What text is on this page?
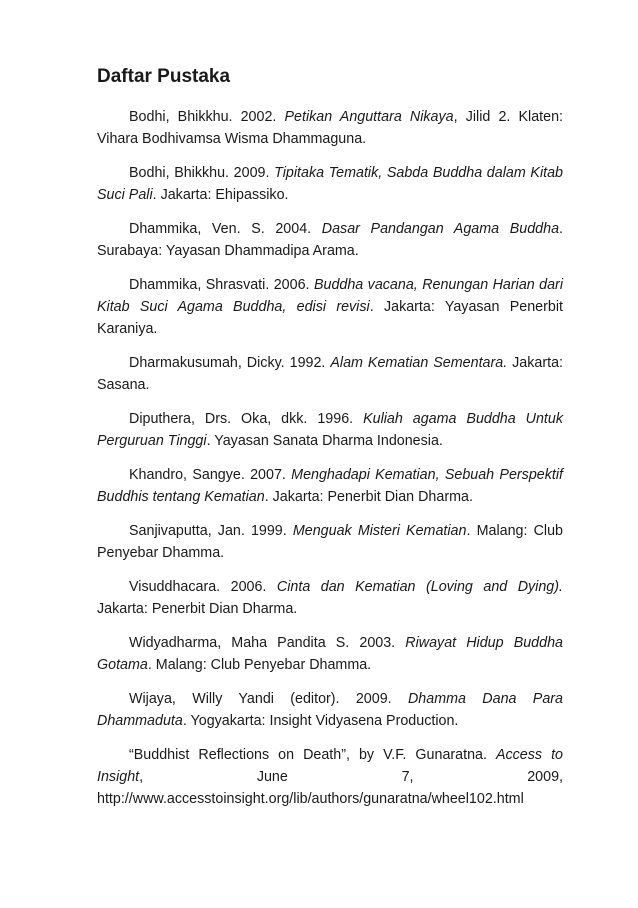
Daftar Pustaka

Bodhi, Bhikkhu. 2002. Petikan Anguttara Nikaya, Jilid 2. Klaten: Vihara Bodhivamsa Wisma Dhammaguna.

Bodhi, Bhikkhu. 2009. Tipitaka Tematik, Sabda Buddha dalam Kitab Suci Pali. Jakarta: Ehipassiko.

Dhammika, Ven. S. 2004. Dasar Pandangan Agama Buddha. Surabaya: Yayasan Dhammadipa Arama.

Dhammika, Shrasvati. 2006. Buddha vacana, Renungan Harian dari Kitab Suci Agama Buddha, edisi revisi. Jakarta: Yayasan Penerbit Karaniya.

Dharmakusumah, Dicky. 1992. Alam Kematian Sementara. Jakarta: Sasana.

Diputhera, Drs. Oka, dkk. 1996. Kuliah agama Buddha Untuk Perguruan Tinggi. Yayasan Sanata Dharma Indonesia.

Khandro, Sangye. 2007. Menghadapi Kematian, Sebuah Perspektif Buddhis tentang Kematian. Jakarta: Penerbit Dian Dharma.

Sanjivaputta, Jan. 1999. Menguak Misteri Kematian. Malang: Club Penyebar Dhamma.

Visuddhacara. 2006. Cinta dan Kematian (Loving and Dying). Jakarta: Penerbit Dian Dharma.

Widyadharma, Maha Pandita S. 2003. Riwayat Hidup Buddha Gotama. Malang: Club Penyebar Dhamma.

Wijaya, Willy Yandi (editor). 2009. Dhamma Dana Para Dhammaduta. Yogyakarta: Insight Vidyasena Production.

“Buddhist Reflections on Death”, by V.F. Gunaratna. Access to Insight, June 7, 2009, http://www.accesstoinsight.org/lib/authors/gunaratna/wheel102.html
